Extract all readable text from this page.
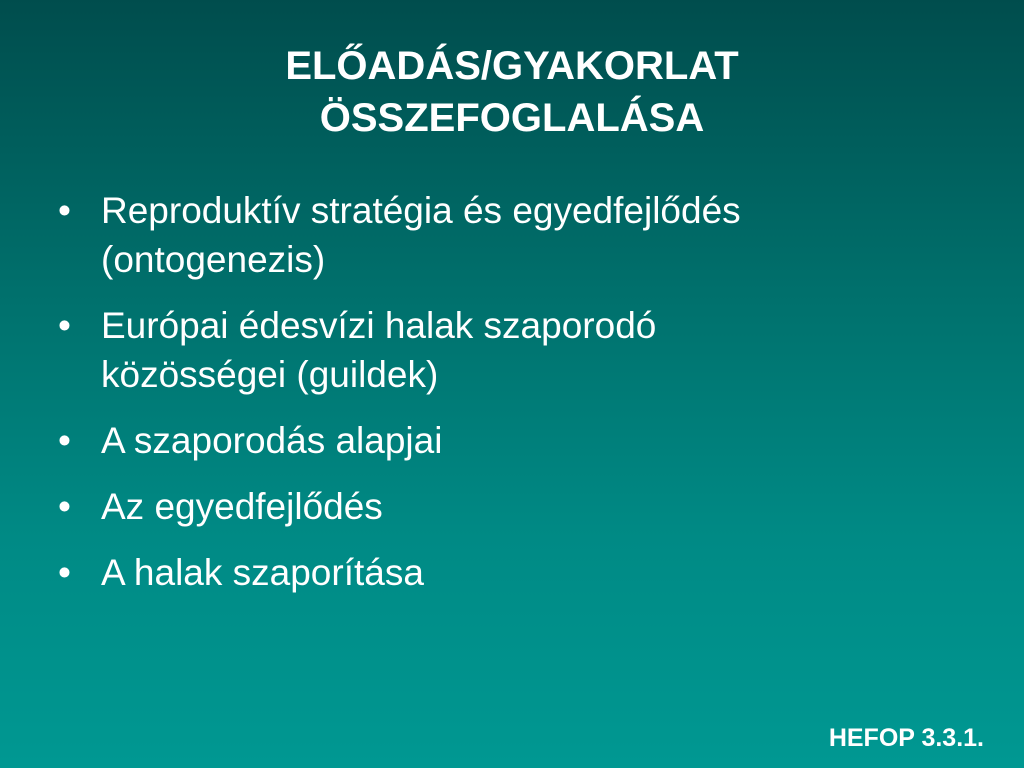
ELŐADÁS/GYAKORLAT
ÖSSZEFOGLALÁSA
• Reproduktív stratégia és egyedfejlődés
(ontogenezis)
• Európai édesvízi halak szaporodó
közösségei (guildek)
• A szaporodás alapjai
• Az egyedfejlődés
• A halak szaporítása
HEFOP 3.3.1.
